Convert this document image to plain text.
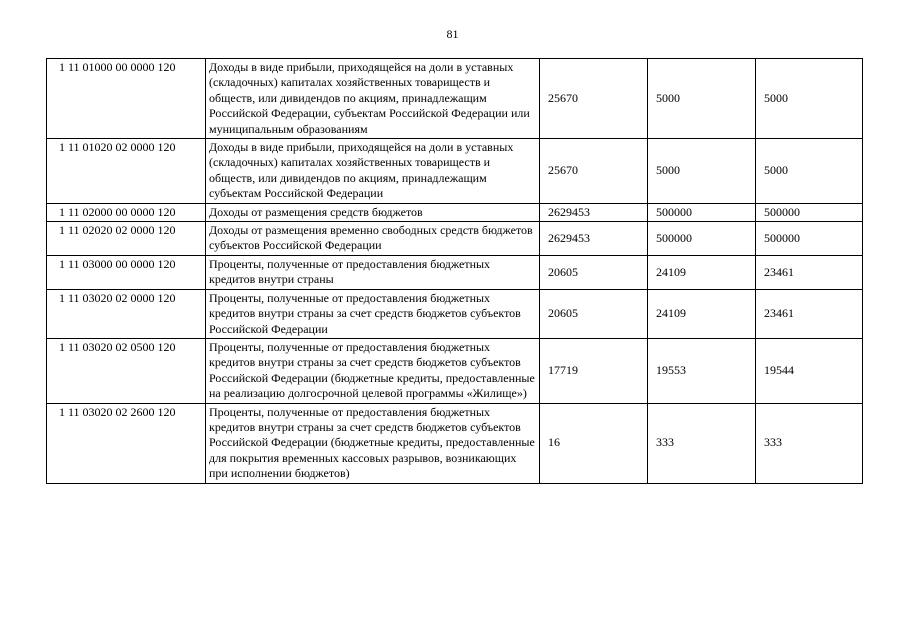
81
1 11 01000 00 0000 120	Доходы в виде прибыли, приходящейся на доли в уставных (складочных) капиталах хозяйственных товариществ и обществ, или дивидендов по акциям, принадлежащим Российской Федерации, субъектам Российской Федерации или муниципальным образованиям	25670	5000	5000
1 11 01020 02 0000 120	Доходы в виде прибыли, приходящейся на доли в уставных (складочных) капиталах хозяйственных товариществ и обществ, или дивидендов по акциям, принадлежащим субъектам Российской Федерации	25670	5000	5000
1 11 02000 00 0000 120	Доходы от размещения средств бюджетов	2629453	500000	500000
1 11 02020 02 0000 120	Доходы от размещения временно свободных средств бюджетов субъектов Российской Федерации	2629453	500000	500000
1 11 03000 00 0000 120	Проценты, полученные от предоставления бюджетных кредитов внутри страны	20605	24109	23461
1 11 03020 02 0000 120	Проценты, полученные от предоставления бюджетных кредитов внутри страны за счет средств бюджетов субъектов Российской Федерации	20605	24109	23461
1 11 03020 02 0500 120	Проценты, полученные от предоставления бюджетных кредитов внутри страны за счет средств бюджетов субъектов Российской Федерации (бюджетные кредиты, предоставленные на реализацию долгосрочной целевой программы «Жилище»)	17719	19553	19544
1 11 03020 02 2600 120	Проценты, полученные от предоставления бюджетных кредитов внутри страны за счет средств бюджетов субъектов Российской Федерации (бюджетные кредиты, предоставленные для покрытия временных кассовых разрывов, возникающих при исполнении бюджетов)	16	333	333
